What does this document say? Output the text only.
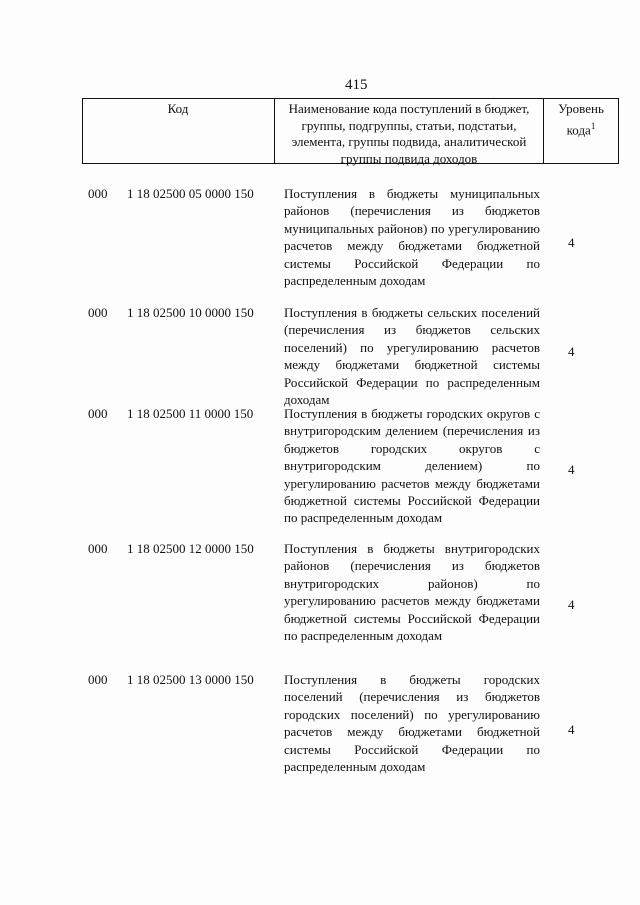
415
Код	Наименование кода поступлений в бюджет, группы, подгруппы, статьи, подстатьи, элемента, группы подвида, аналитической группы подвида доходов
Уровень кода$^1$
000 1 18 02500 05 0000 150 Поступления в бюджеты муниципальных районов (перечисления из бюджетов муниципальных районов) по урегулированию расчетов между бюджетами бюджетной системы Российской Федерации по распределенным доходам
4
000 1 18 02500 10 0000 150 Поступления в бюджеты сельских поселений (перечисления из бюджетов сельских поселений) по урегулированию расчетов между бюджетами бюджетной системы Российской Федерации по распределенным доходам
4
000 1 18 02500 11 0000 150 Поступления в бюджеты городских округов с внутригородским делением (перечисления из бюджетов городских округов с внутригородским делением) по урегулированию расчетов между бюджетами бюджетной системы Российской Федерации по распределенным доходам
4
000 1 18 02500 12 0000 150 Поступления в бюджеты внутригородских районов (перечисления из бюджетов внутригородских районов) по урегулированию расчетов между бюджетами бюджетной системы Российской Федерации по распределенным доходам
4
000 1 18 02500 13 0000 150 Поступления в бюджеты городских поселений (перечисления из бюджетов городских поселений) по урегулированию расчетов между бюджетами бюджетной системы Российской Федерации по распределенным доходам
4
